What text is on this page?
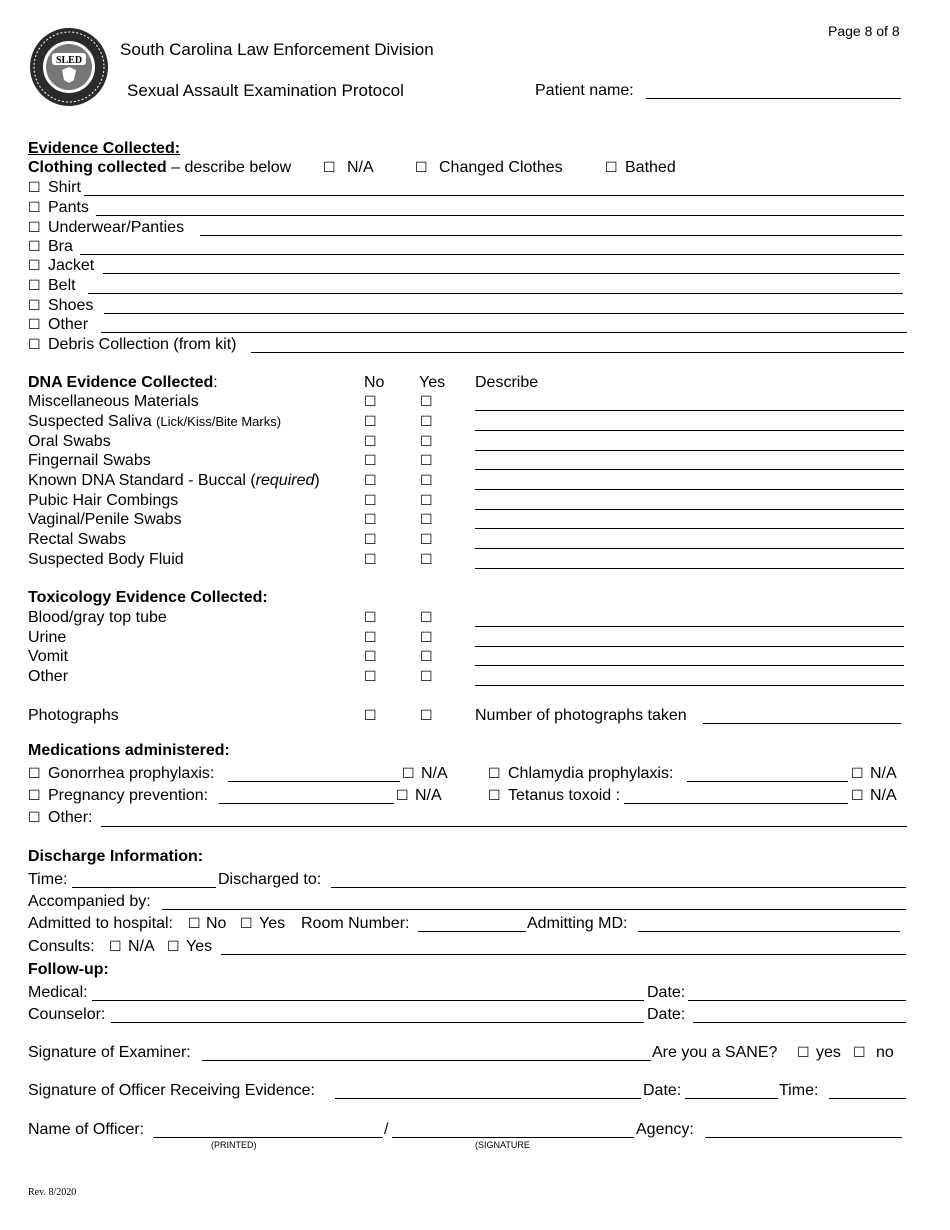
SLED
Page 8 of 8
South Carolina Law Enforcement Division
Sexual Assault Examination Protocol	Patient name:
Evidence Collected:
Clothing collected – describe below ☐ N/A	☐ Changed Clothes	☐ Bathed
☐ Shirt
☐ Pants
☐ Underwear/Panties
☐ Bra
☐ Jacket
☐ Belt
☐ Shoes
☐ Other
☐ Debris Collection (from kit)
DNA Evidence Collected:	No Yes Describe
Miscellaneous Materials	☐	☐
Suspected Saliva (Lick/Kiss/Bite Marks)	☐	☐
Oral Swabs	☐	☐
Fingernail Swabs	☐	☐
Known DNA Standard - Buccal (required)	☐	☐
Pubic Hair Combings	☐	☐
Vaginal/Penile Swabs	☐	☐
Rectal Swabs	☐	☐
Suspected Body Fluid	☐	☐
Toxicology Evidence Collected:
Blood/gray top tube	☐	☐
Urine	☐	☐
Vomit	☐	☐
Other	☐	☐
Photographs	☐	☐	Number of photographs taken
Medications administered:
☐ Gonorrhea prophylaxis:	☐ N/A	☐ Chlamydia prophylaxis:	☐ N/A
☐ Pregnancy prevention:	☐ N/A	☐ Tetanus toxoid :	☐ N/A
☐ Other:
Discharge Information:
Time:	Discharged to:
Accompanied by:
Admitted to hospital: ☐ No ☐ Yes Room Number:	Admitting MD:
Consults: ☐ N/A ☐ Yes
Follow-up:
Medical:	Date:
Counselor:	Date:
Signature of Examiner:	Are you a SANE? ☐ yes ☐ no
Signature of Officer Receiving Evidence:	Date:	Time:
Name of Officer:	/
(PRINTED)	(SIGNATURE
Agency:
Rev. 8/2020
